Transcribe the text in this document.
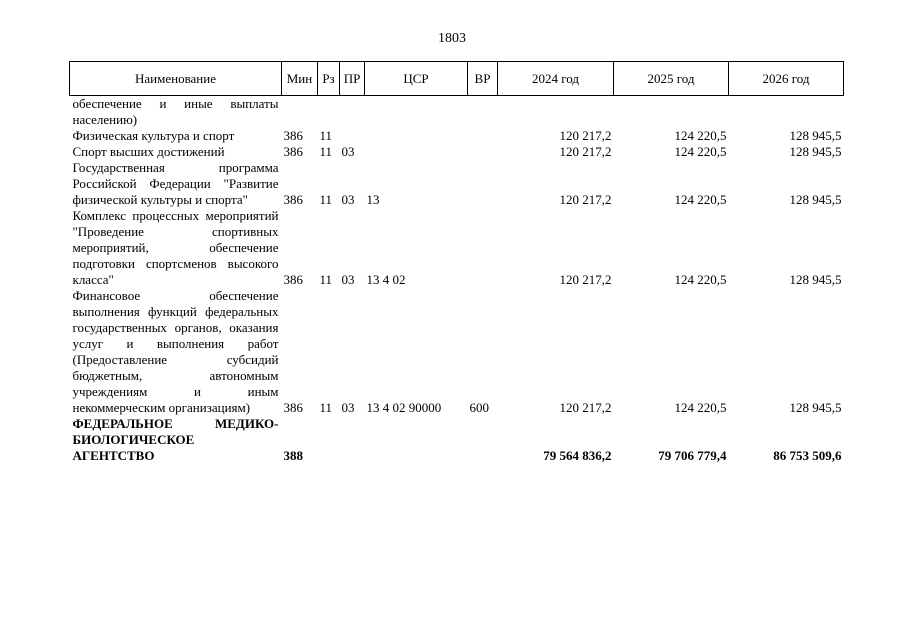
1803
Наименование	Мин	Рз	ПР	ЦСР	ВР	2024 год	2025 год	2026 год
обеспечение и иные выплаты населению)								
Физическая культура и спорт	386	11				120 217,2	124 220,5	128 945,5
Спорт высших достижений	386	11	03			120 217,2	124 220,5	128 945,5
Государственная программа Российской Федерации "Развитие физической культуры и спорта"	386	11	03	13		120 217,2	124 220,5	128 945,5
Комплекс процессных мероприятий "Проведение спортивных мероприятий, обеспечение подготовки спортсменов высокого класса"	386	11	03	13 4 02		120 217,2	124 220,5	128 945,5
Финансовое обеспечение выполнения функций федеральных государственных органов, оказания услуг и выполнения работ (Предоставление субсидий бюджетным, автономным учреждениям и иным некоммерческим организациям)	386	11	03	13 4 02 90000	600	120 217,2	124 220,5	128 945,5
ФЕДЕРАЛЬНОЕ МЕДИКО-БИОЛОГИЧЕСКОЕ АГЕНТСТВО	388					79 564 836,2	79 706 779,4	86 753 509,6
